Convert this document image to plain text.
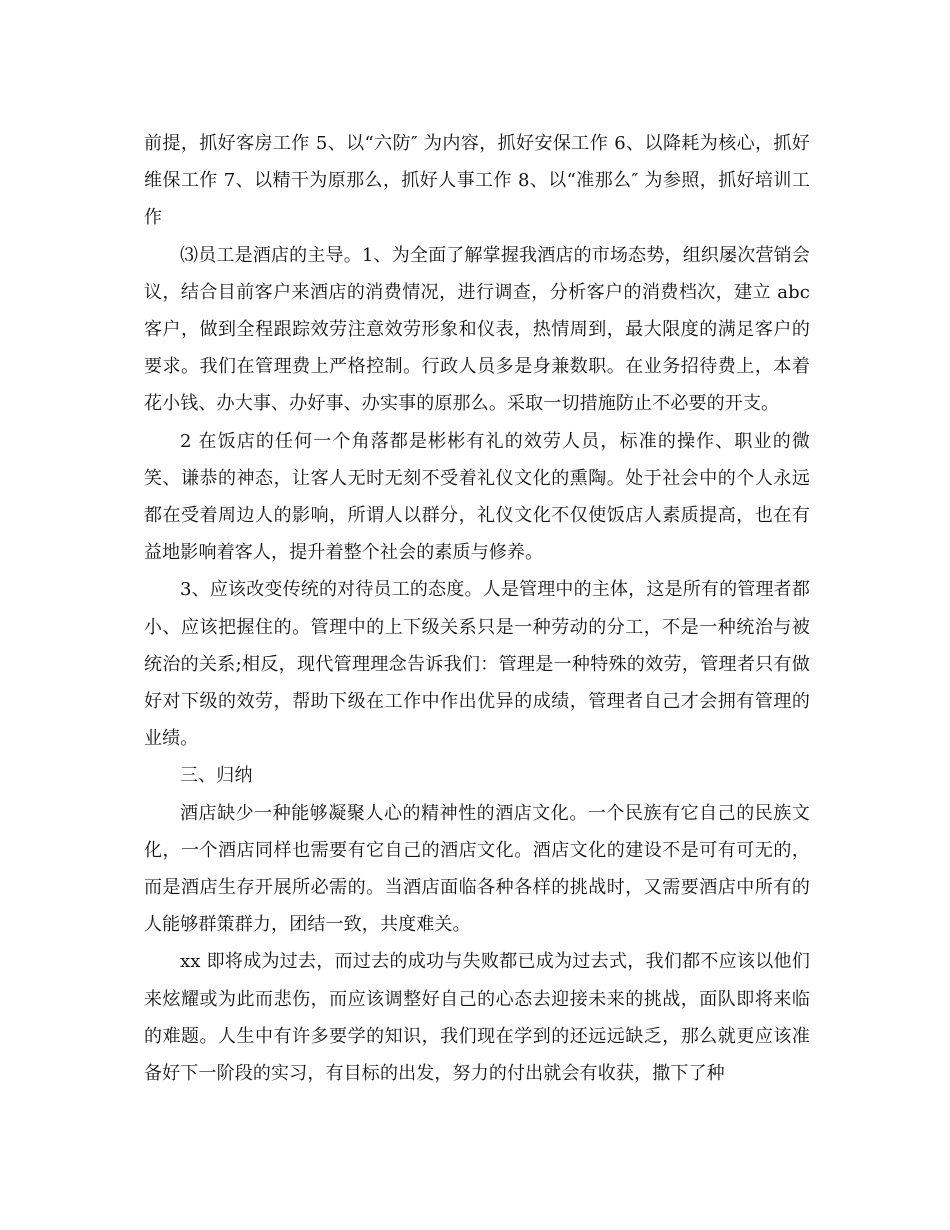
前提，抓好客房工作 5、以“六防″ 为内容，抓好安保工作 6、以降耗为核心，抓好维保工作 7、以精干为原那么，抓好人事工作 8、以“准那么″ 为参照，抓好培训工作

⑶员工是酒店的主导。1、为全面了解掌握我酒店的市场态势，组织屡次营销会议，结合目前客户来酒店的消费情况，进行调查，分析客户的消费档次，建立 abc 客户，做到全程跟踪效劳注意效劳形象和仪表，热情周到，最大限度的满足客户的要求。我们在管理费上严格控制。行政人员多是身兼数职。在业务招待费上，本着花小钱、办大事、办好事、办实事的原那么。采取一切措施防止不必要的开支。

2 在饭店的任何一个角落都是彬彬有礼的效劳人员，标准的操作、职业的微笑、谦恭的神态，让客人无时无刻不受着礼仪文化的熏陶。处于社会中的个人永远都在受着周边人的影响，所谓人以群分，礼仪文化不仅使饭店人素质提高，也在有益地影响着客人，提升着整个社会的素质与修养。

3、应该改变传统的对待员工的态度。人是管理中的主体，这是所有的管理者都小、应该把握住的。管理中的上下级关系只是一种劳动的分工，不是一种统治与被统治的关系;相反，现代管理理念告诉我们：管理是一种特殊的效劳，管理者只有做好对下级的效劳，帮助下级在工作中作出优异的成绩，管理者自己才会拥有管理的业绩。

三、归纳

酒店缺少一种能够凝聚人心的精神性的酒店文化。一个民族有它自己的民族文化，一个酒店同样也需要有它自己的酒店文化。酒店文化的建设不是可有可无的，而是酒店生存开展所必需的。当酒店面临各种各样的挑战时，又需要酒店中所有的人能够群策群力，团结一致，共度难关。

xx 即将成为过去，而过去的成功与失败都已成为过去式，我们都不应该以他们来炫耀或为此而悲伤，而应该调整好自己的心态去迎接未来的挑战，面队即将来临的难题。人生中有许多要学的知识，我们现在学到的还远远缺乏，那么就更应该准备好下一阶段的实习，有目标的出发，努力的付出就会有收获，撒下了种
